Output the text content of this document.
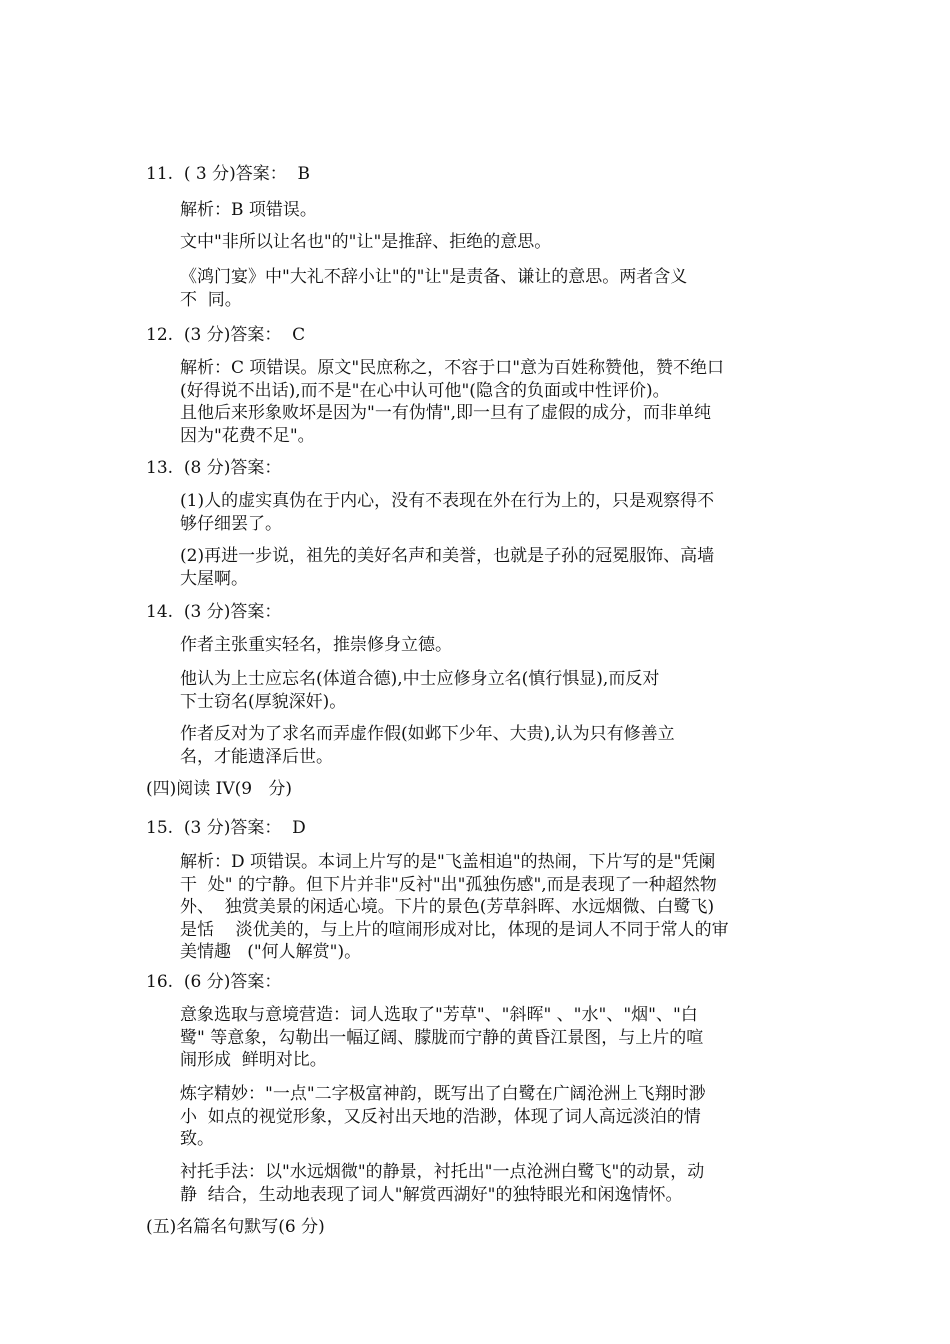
11.  ( 3 分)答案：  B
解析：B 项错误。
文中"非所以让名也"的"让"是推辞、拒绝的意思。
《鸿门宴》中"大礼不辞小让"的"让"是责备、谦让的意思。两者含义
不  同。
12.  (3 分)答案：  C
解析：C 项错误。原文"民庶称之，不容于口"意为百姓称赞他，赞不绝口
(好得说不出话),而不是"在心中认可他"(隐含的负面或中性评价)。
且他后来形象败坏是因为"一有伪情",即一旦有了虚假的成分，而非单纯
因为"花费不足"。
13.  (8 分)答案：
(1)人的虚实真伪在于内心，没有不表现在外在行为上的，只是观察得不
够仔细罢了。
(2)再进一步说，祖先的美好名声和美誉，也就是子孙的冠冕服饰、高墙
大屋啊。
14.  (3 分)答案：
作者主张重实轻名，推崇修身立德。
他认为上士应忘名(体道合德),中士应修身立名(慎行惧显),而反对
下士窃名(厚貌深奸)。
作者反对为了求名而弄虚作假(如邺下少年、大贵),认为只有修善立
名，才能遗泽后世。
(四)阅读 IV(9   分)
15.  (3 分)答案：  D
解析：D 项错误。本词上片写的是"飞盖相追"的热闹，下片写的是"凭阑
干  处" 的宁静。但下片并非"反衬"出"孤独伤感",而是表现了一种超然物
外、  独赏美景的闲适心境。下片的景色(芳草斜晖、水远烟微、白鹭飞)
是恬    淡优美的，与上片的喧闹形成对比，体现的是词人不同于常人的审
美情趣   ("何人解赏")。
16.  (6 分)答案：
意象选取与意境营造：词人选取了"芳草"、"斜晖" 、"水"、"烟"、"白
鹭" 等意象，勾勒出一幅辽阔、朦胧而宁静的黄昏江景图，与上片的喧
闹形成  鲜明对比。
炼字精妙："一点"二字极富神韵，既写出了白鹭在广阔沧洲上飞翔时渺
小  如点的视觉形象，又反衬出天地的浩渺，体现了词人高远淡泊的情
致。
衬托手法：以"水远烟微"的静景，衬托出"一点沧洲白鹭飞"的动景，动
静  结合，生动地表现了词人"解赏西湖好"的独特眼光和闲逸情怀。
(五)名篇名句默写(6 分)
